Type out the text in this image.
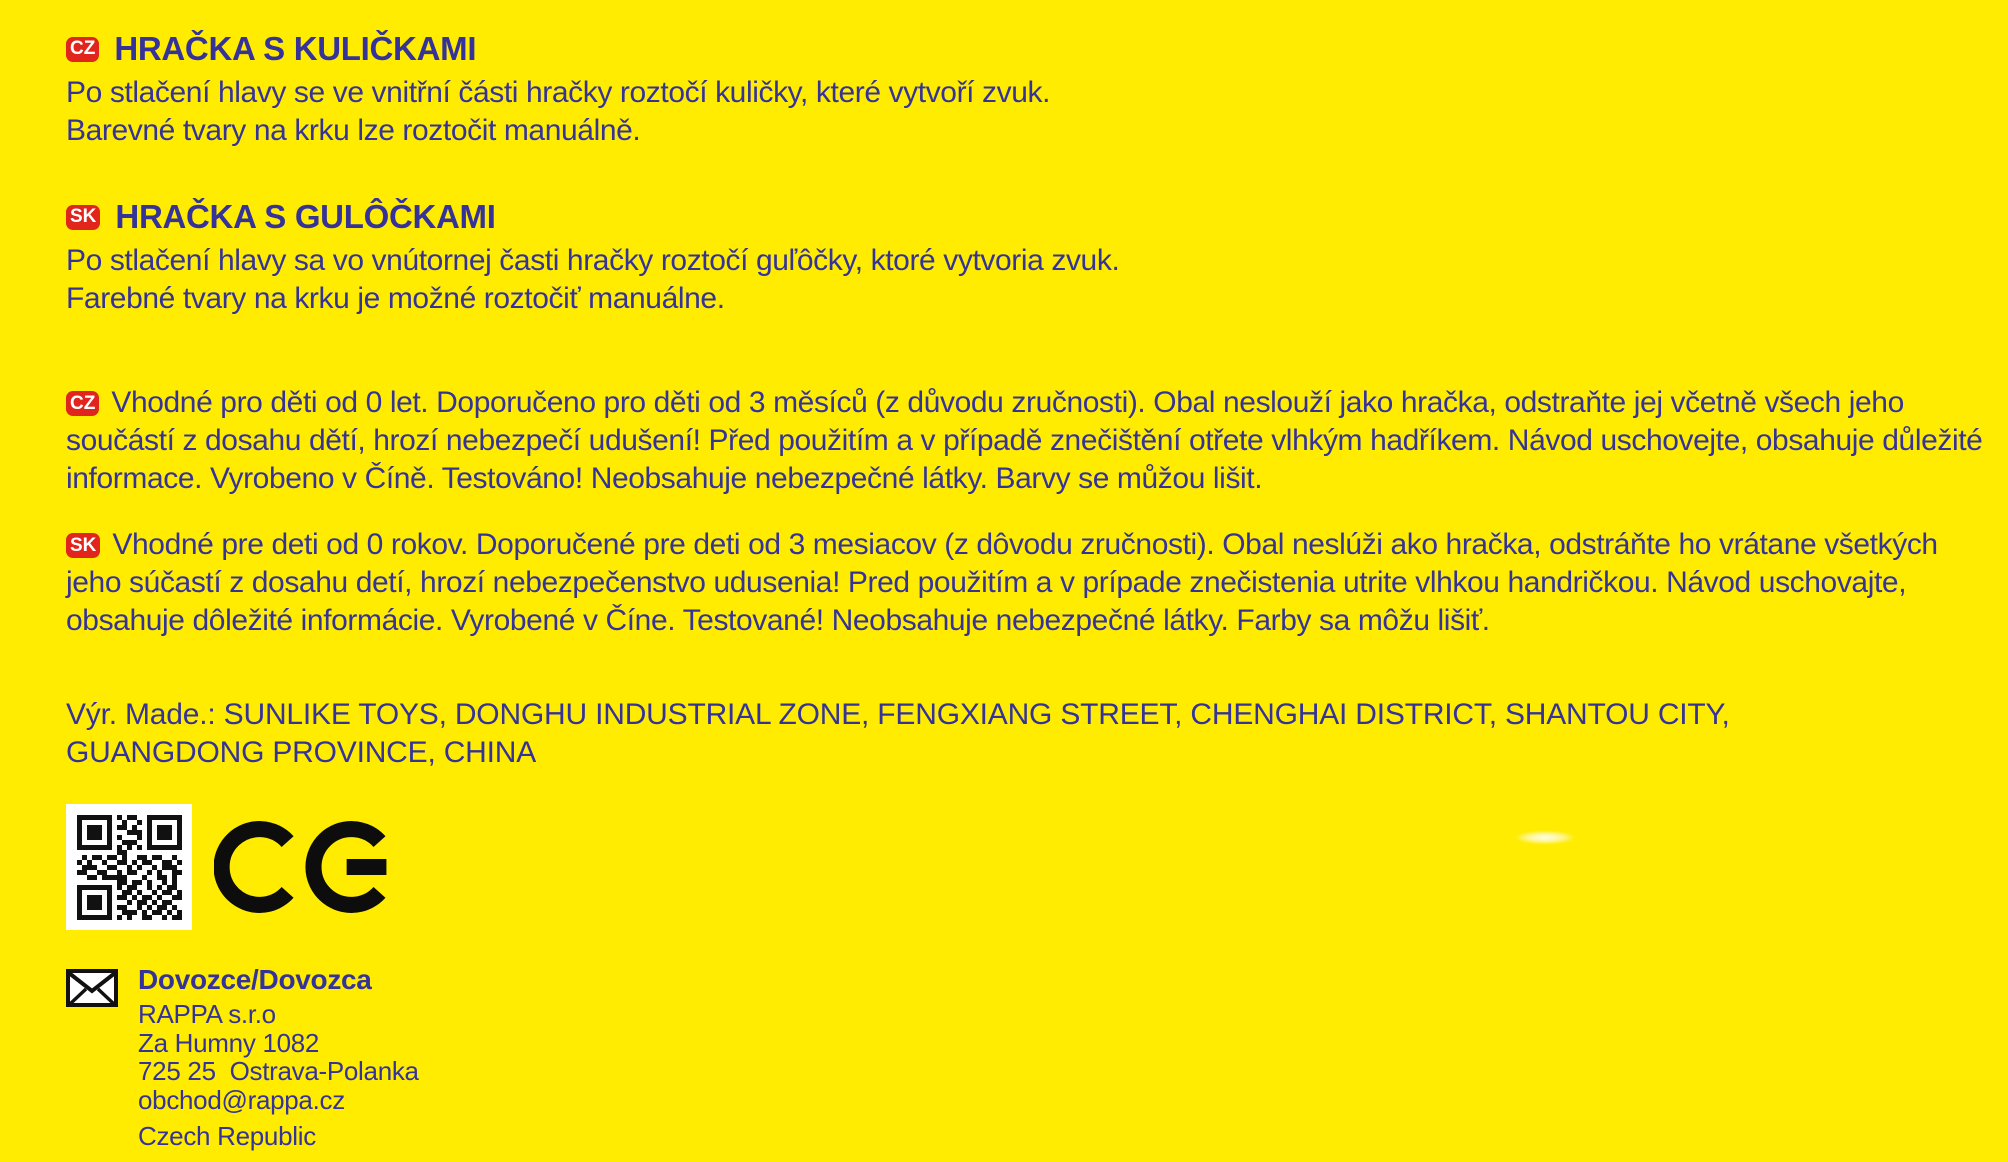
CZ HRAČKA S KULIČKAMI
Po stlačení hlavy se ve vnitřní části hračky roztočí kuličky, které vytvoří zvuk.
Barevné tvary na krku lze roztočit manuálně.
SK HRAČKA S GULÔČKAMI
Po stlačení hlavy sa vo vnútornej časti hračky roztočí guľôčky, ktoré vytvoria zvuk.
Farebné tvary na krku je možné roztočiť manuálne.

CZ Vhodné pro děti od 0 let. Doporučeno pro děti od 3 měsíců (z důvodu zručnosti). Obal neslouží jako hračka, odstraňte jej včetně všech jeho součástí z dosahu dětí, hrozí nebezpečí udušení! Před použitím a v případě znečištění otřete vlhkým hadříkem. Návod uschovejte, obsahuje důležité informace. Vyrobeno v Číně. Testováno! Neobsahuje nebezpečné látky. Barvy se můžou lišit.

SK Vhodné pre deti od 0 rokov. Doporučené pre deti od 3 mesiacov (z dôvodu zručnosti). Obal neslúži ako hračka, odstráňte ho vrátane všetkých jeho súčastí z dosahu detí, hrozí nebezpečenstvo udusenia! Pred použitím a v prípade znečistenia utrite vlhkou handričkou. Návod uschovajte, obsahuje dôležité informácie. Vyrobené v Číne. Testované! Neobsahuje nebezpečné látky. Farby sa môžu lišiť.

Výr. Made.: SUNLIKE TOYS, DONGHU INDUSTRIAL ZONE, FENGXIANG STREET, CHENGHAI DISTRICT, SHANTOU CITY,
GUANGDONG PROVINCE, CHINA
Dovozce/Dovozca
RAPPA s.r.o
Za Humny 1082
725 25  Ostrava-Polanka
obchod@rappa.cz
Czech Republic
